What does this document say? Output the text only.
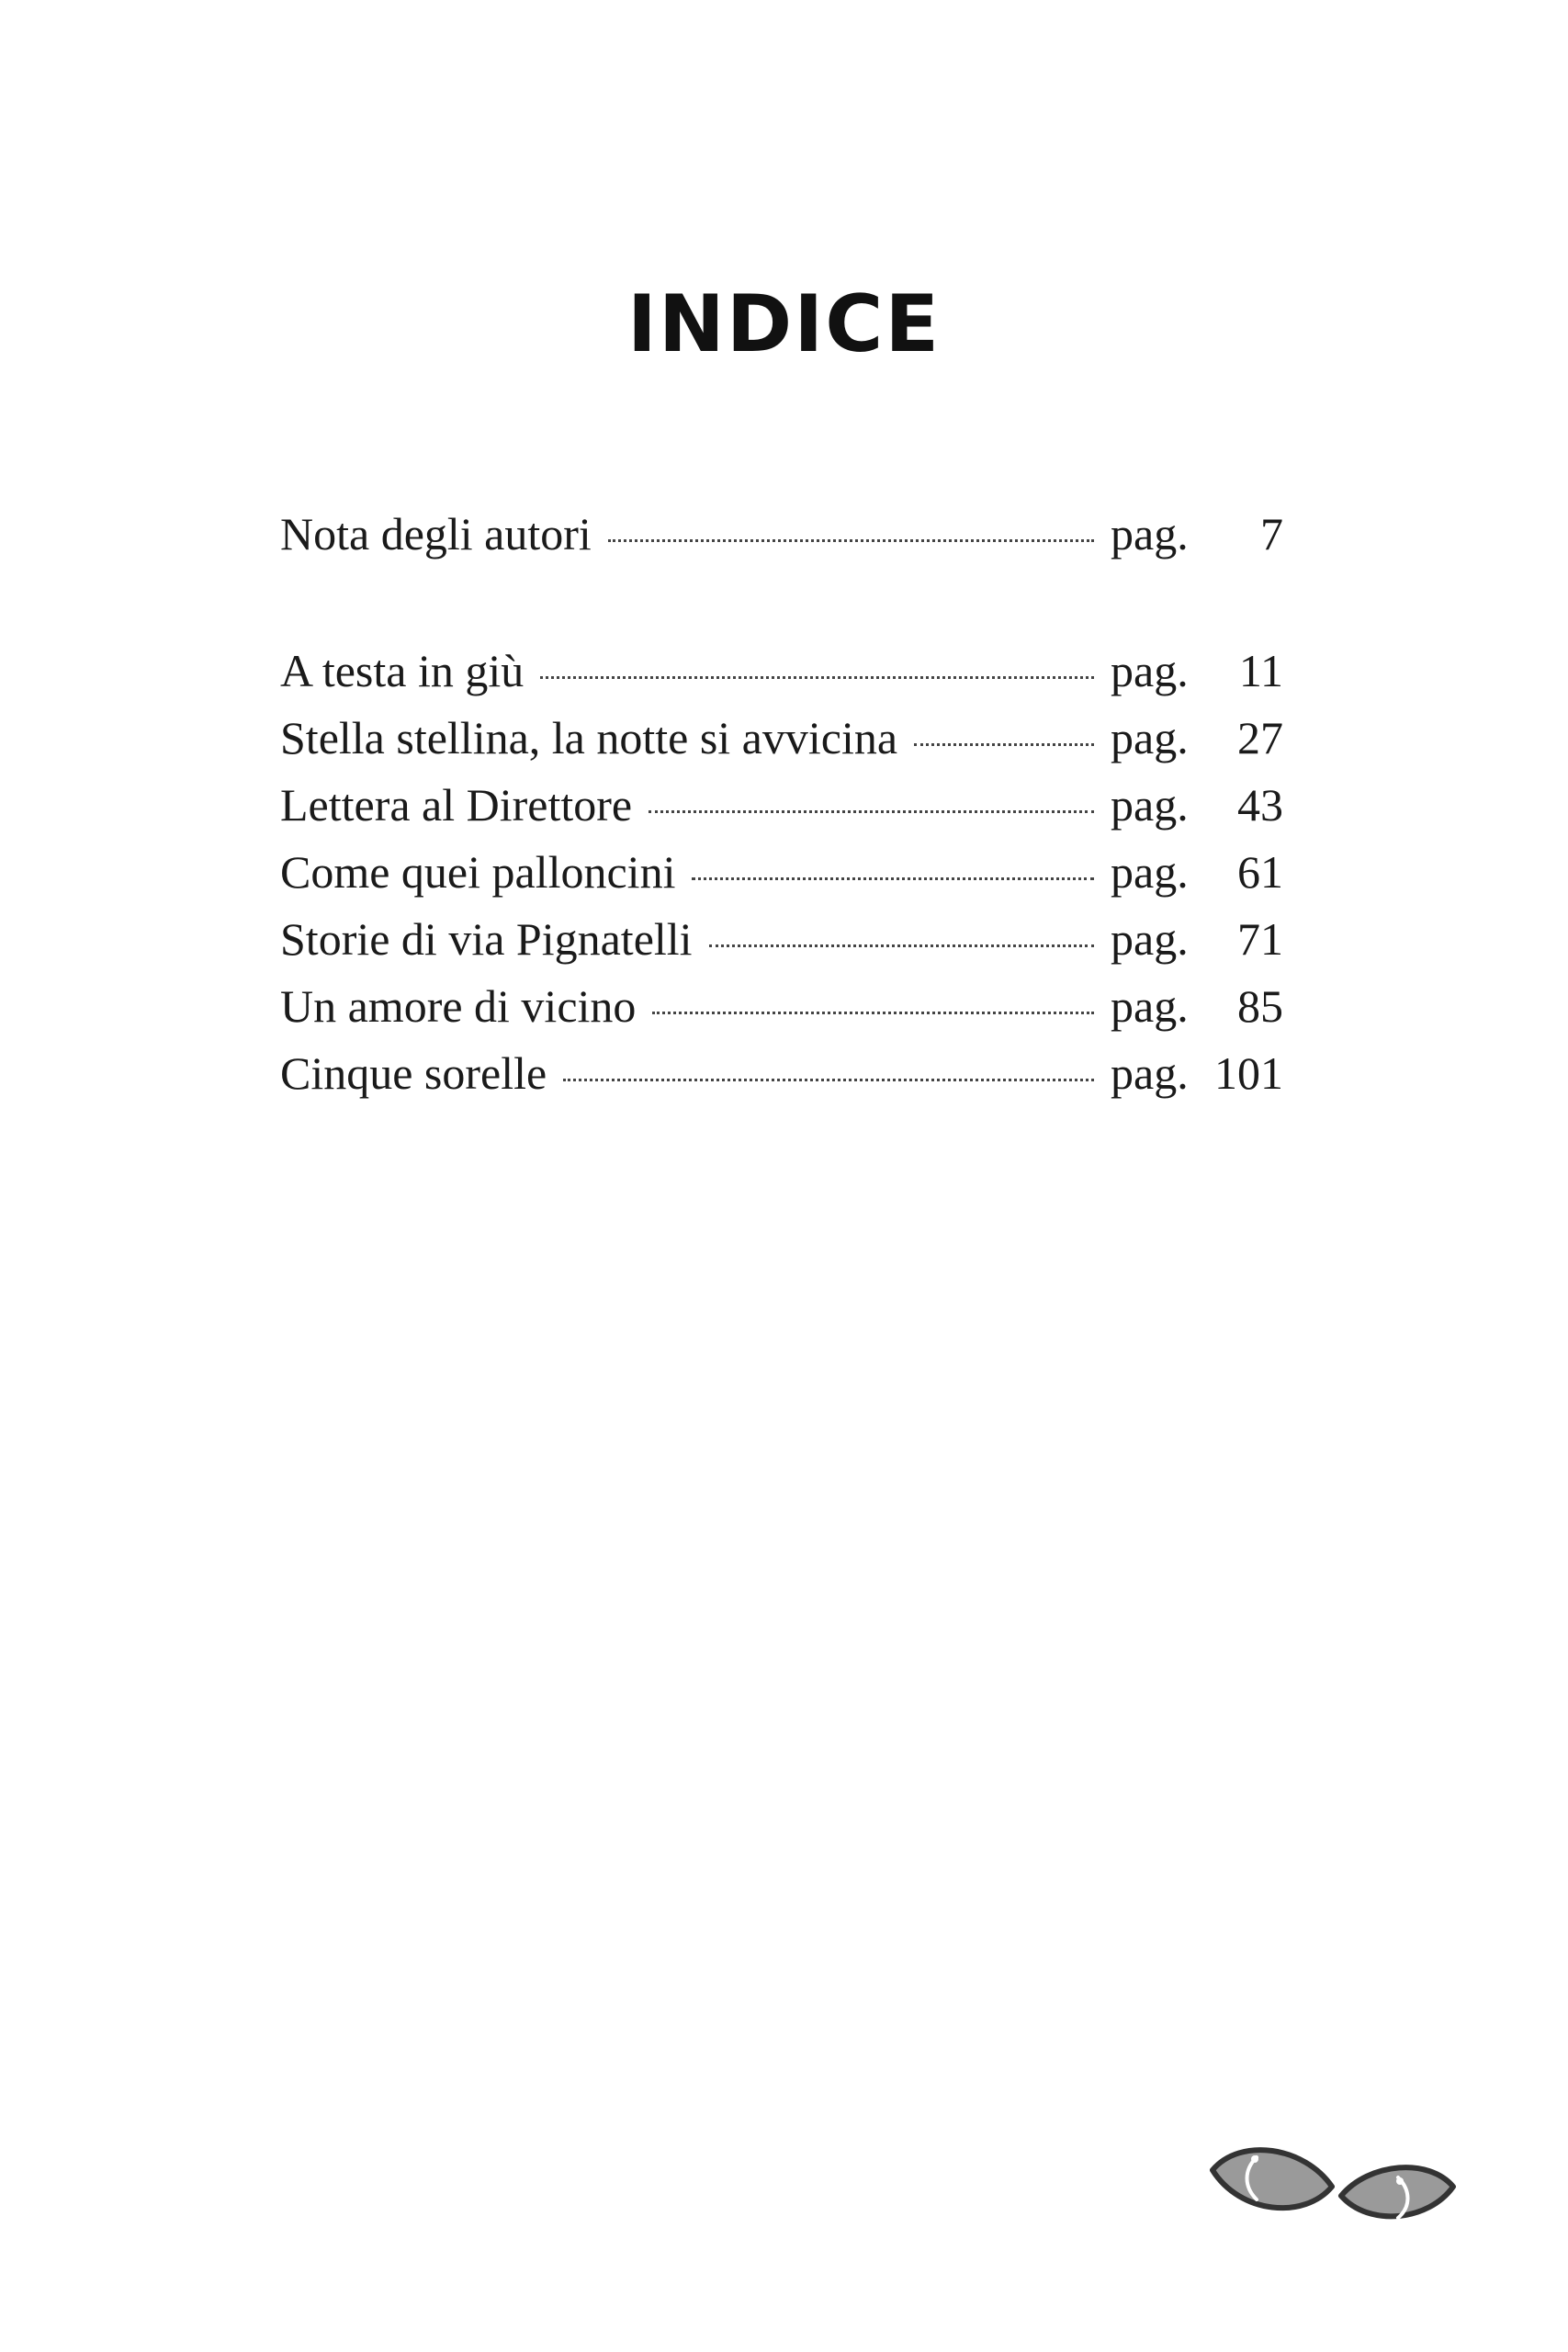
INDICE
Nota degli autori	pag.	7
A testa in giù	pag.	11
Stella stellina, la notte si avvicina	pag.	27
Lettera al Direttore	pag.	43
Come quei palloncini	pag.	61
Storie di via Pignatelli	pag.	71
Un amore di vicino	pag.	85
Cinque sorelle	pag. 101
